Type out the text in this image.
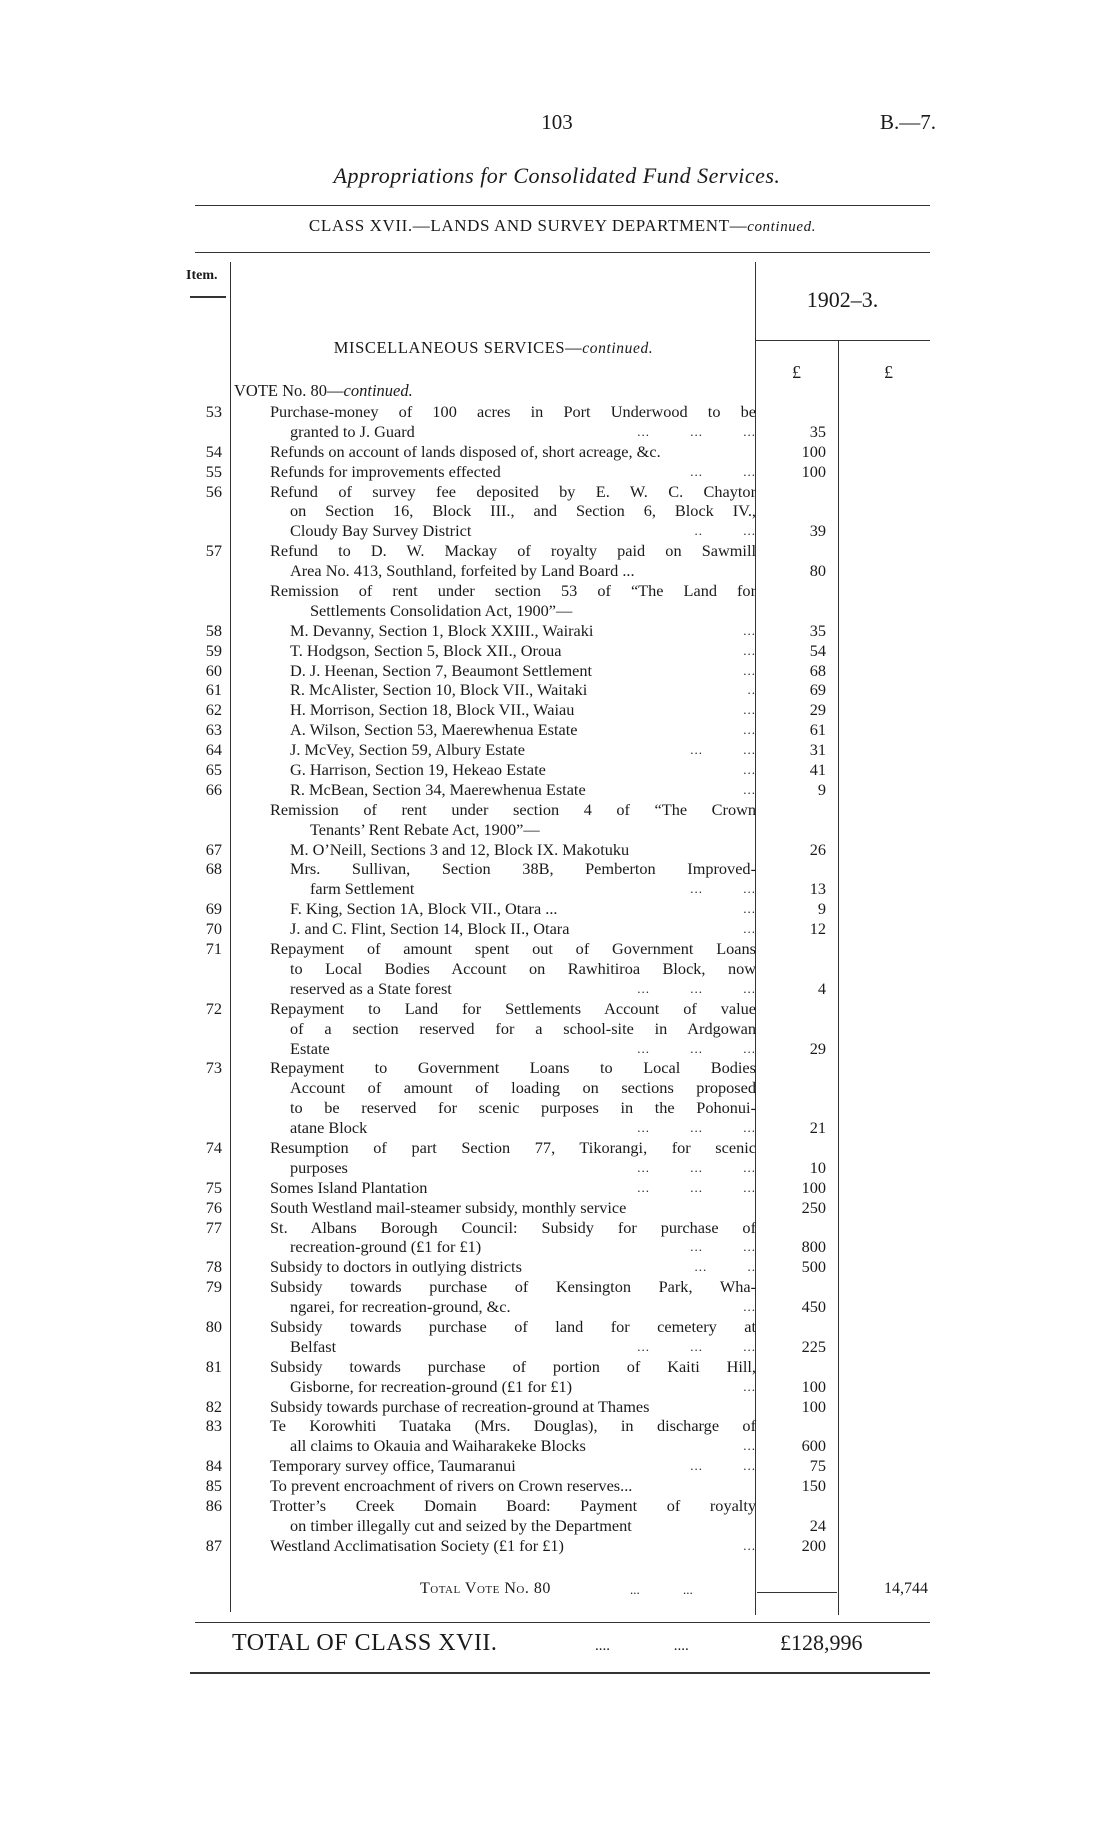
103	B.—7.
Appropriations for Consolidated Fund Services.
CLASS XVII.—LANDS AND SURVEY DEPARTMENT—continued.
Item.
1902–3.
MISCELLANEOUS SERVICES—continued.
£	£
VOTE No. 80—continued.
53	Purchase-money of 100 acres in Port Underwood to be
granted to J. Guard	... ... ...	35
54	Refunds on account of lands disposed of, short acreage, &c.	100
55	Refunds for improvements effected	... ...	100
56	Refund of survey fee deposited by E. W. C. Chaytor
on Section 16, Block III., and Section 6, Block IV.,
Cloudy Bay Survey District	.. ...	39
57	Refund to D. W. Mackay of royalty paid on Sawmill
Area No. 413, Southland, forfeited by Land Board ...	80
Remission of rent under section 53 of “The Land for
Settlements Consolidation Act, 1900”—
58	M. Devanny, Section 1, Block XXIII., Wairaki	...	35
59	T. Hodgson, Section 5, Block XII., Oroua	...	54
60	D. J. Heenan, Section 7, Beaumont Settlement	...	68
61	R. McAlister, Section 10, Block VII., Waitaki	..	69
62	H. Morrison, Section 18, Block VII., Waiau	...	29
63	A. Wilson, Section 53, Maerewhenua Estate	...	61
64	J. McVey, Section 59, Albury Estate	... ...	31
65	G. Harrison, Section 19, Hekeao Estate	...	41
66	R. McBean, Section 34, Maerewhenua Estate	...	9
Remission of rent under section 4 of “The Crown
Tenants’ Rent Rebate Act, 1900”—
67	M. O’Neill, Sections 3 and 12, Block IX. Makotuku	26
68	Mrs. Sullivan, Section 38B, Pemberton Improved-
farm Settlement	... ...	13
69	F. King, Section 1A, Block VII., Otara ...	...	9
70	J. and C. Flint, Section 14, Block II., Otara	...	12
71	Repayment of amount spent out of Government Loans
to Local Bodies Account on Rawhitiroa Block, now
reserved as a State forest	... ... ...	4
72	Repayment to Land for Settlements Account of value
of a section reserved for a school-site in Ardgowan
Estate	... ... ...	29
73	Repayment to Government Loans to Local Bodies
Account of amount of loading on sections proposed
to be reserved for scenic purposes in the Pohonui-
atane Block	... ... ...	21
74	Resumption of part Section 77, Tikorangi, for scenic
purposes	... ... ...	10
75	Somes Island Plantation	... ... ...	100
76	South Westland mail-steamer subsidy, monthly service	250
77	St. Albans Borough Council: Subsidy for purchase of
recreation-ground (£1 for £1)	... ...	800
78	Subsidy to doctors in outlying districts	... ..	500
79	Subsidy towards purchase of Kensington Park, Wha-
ngarei, for recreation-ground, &c.	...	450
80	Subsidy towards purchase of land for cemetery at
Belfast	... ... ...	225
81	Subsidy towards purchase of portion of Kaiti Hill,
Gisborne, for recreation-ground (£1 for £1)	...	100
82	Subsidy towards purchase of recreation-ground at Thames	100
83	Te Korowhiti Tuataka (Mrs. Douglas), in discharge of
all claims to Okauia and Waiharakeke Blocks	...	600
84	Temporary survey office, Taumaranui	... ...	75
85	To prevent encroachment of rivers on Crown reserves...	150
86	Trotter’s Creek Domain Board: Payment of royalty
on timber illegally cut and seized by the Department	24
87	Westland Acclimatisation Society (£1 for £1)	...	200
Total Vote No. 80	... ...	14,744
TOTAL OF CLASS XVII.	.... ....	£128,996
